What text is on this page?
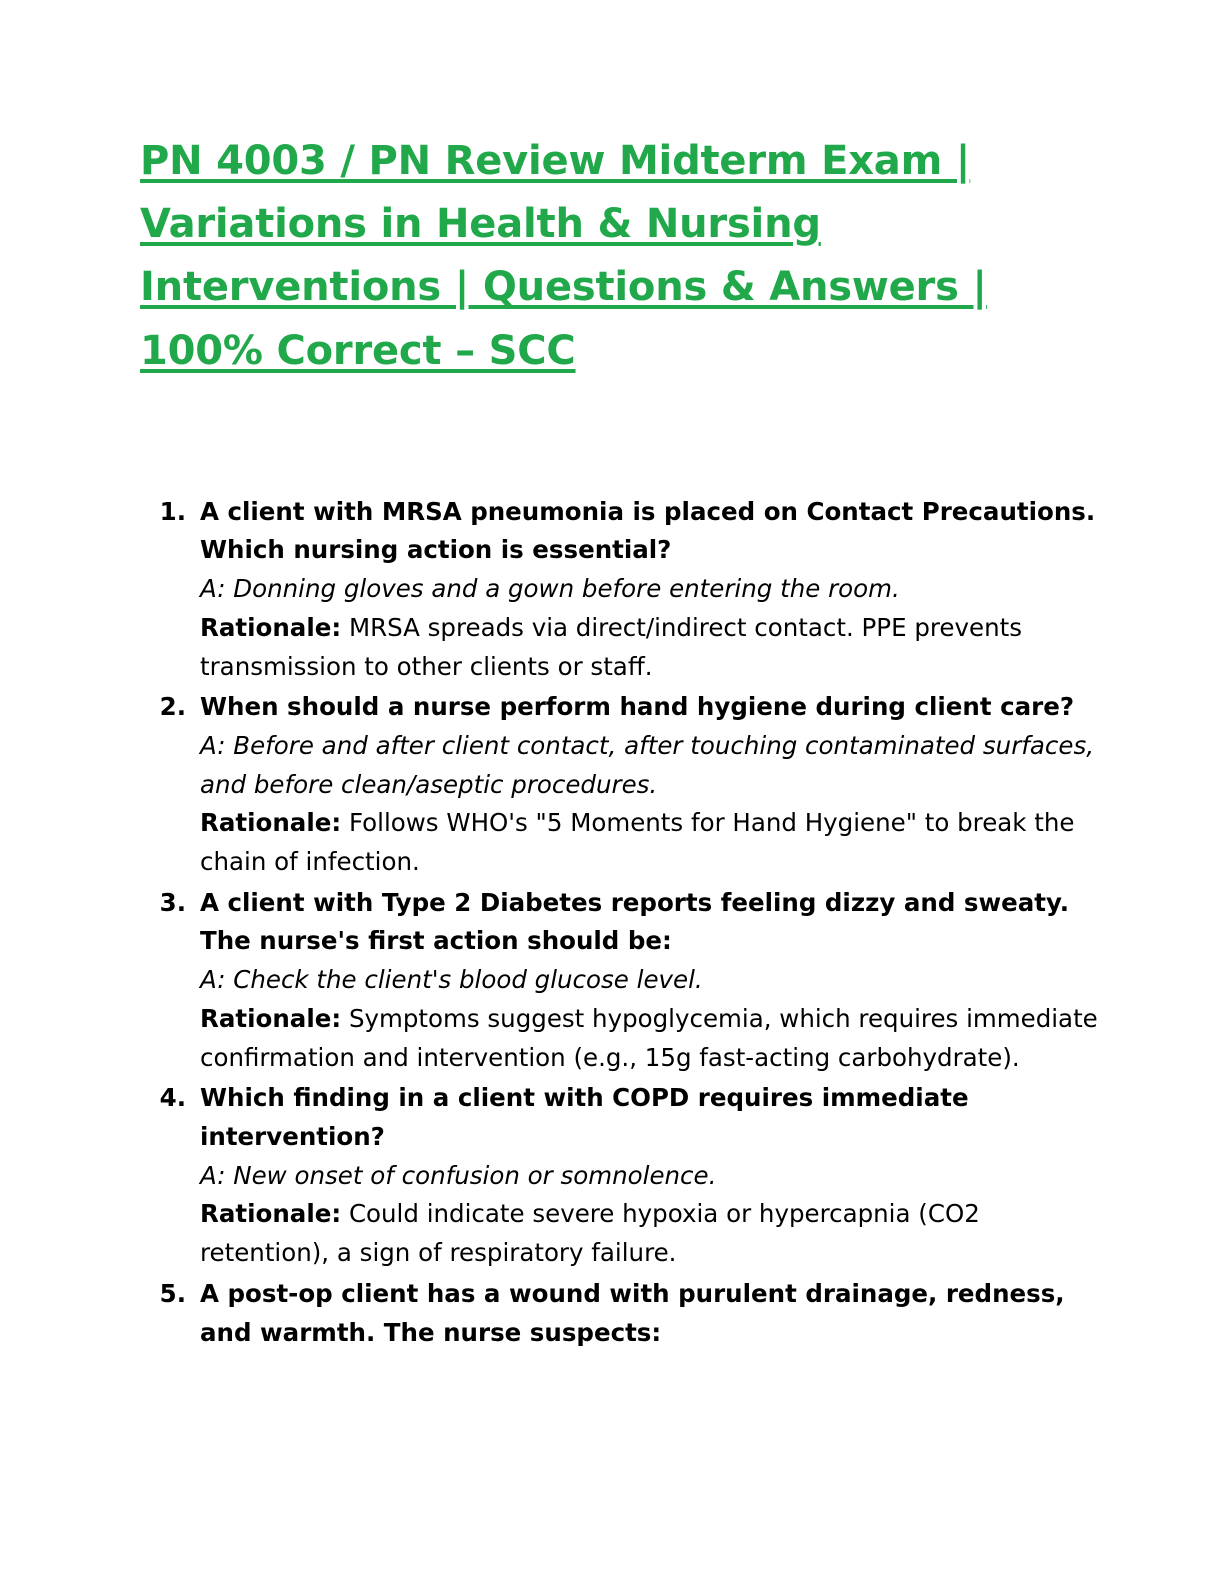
PN 4003 / PN Review Midterm Exam | Variations in Health & Nursing Interventions | Questions & Answers | 100% Correct – SCC
1. A client with MRSA pneumonia is placed on Contact Precautions. Which nursing action is essential?
A: Donning gloves and a gown before entering the room.
Rationale: MRSA spreads via direct/indirect contact. PPE prevents transmission to other clients or staff.
2. When should a nurse perform hand hygiene during client care?
A: Before and after client contact, after touching contaminated surfaces, and before clean/aseptic procedures.
Rationale: Follows WHO's "5 Moments for Hand Hygiene" to break the chain of infection.
3. A client with Type 2 Diabetes reports feeling dizzy and sweaty. The nurse's first action should be:
A: Check the client's blood glucose level.
Rationale: Symptoms suggest hypoglycemia, which requires immediate confirmation and intervention (e.g., 15g fast-acting carbohydrate).
4. Which finding in a client with COPD requires immediate intervention?
A: New onset of confusion or somnolence.
Rationale: Could indicate severe hypoxia or hypercapnia (CO2 retention), a sign of respiratory failure.
5. A post-op client has a wound with purulent drainage, redness, and warmth. The nurse suspects:
